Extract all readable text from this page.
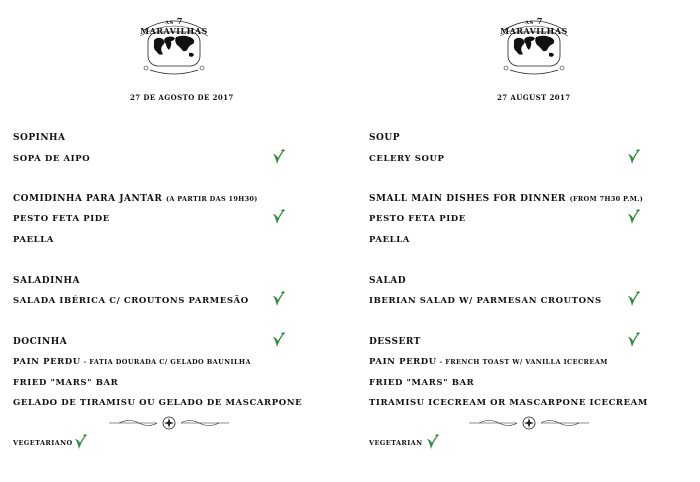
AS 7 MARAVILHAS
27 DE AGOSTO DE 2017
SOPINHA
SOPA DE AIPO
COMIDINHA PARA JANTAR (A PARTIR DAS 19H30)
PESTO FETA PIDE
PAELLA
SALADINHA
SALADA IBÉRICA C/ CROUTONS PARMESÃO
DOCINHA
PAIN PERDU - FATIA DOURADA C/ GELADO BAUNILHA
FRIED "MARS" BAR
GELADO DE TIRAMISU OU GELADO DE MASCARPONE
VEGETARIANO
AS 7 MARAVILHAS
27 AUGUST 2017
SOUP
CELERY SOUP
SMALL MAIN DISHES FOR DINNER (FROM 7H30 P.M.)
PESTO FETA PIDE
PAELLA
SALAD
IBERIAN SALAD W/ PARMESAN CROUTONS
DESSERT
PAIN PERDU - FRENCH TOAST W/ VANILLA ICECREAM
FRIED "MARS" BAR
TIRAMISU ICECREAM OR MASCARPONE ICECREAM
VEGETARIAN
